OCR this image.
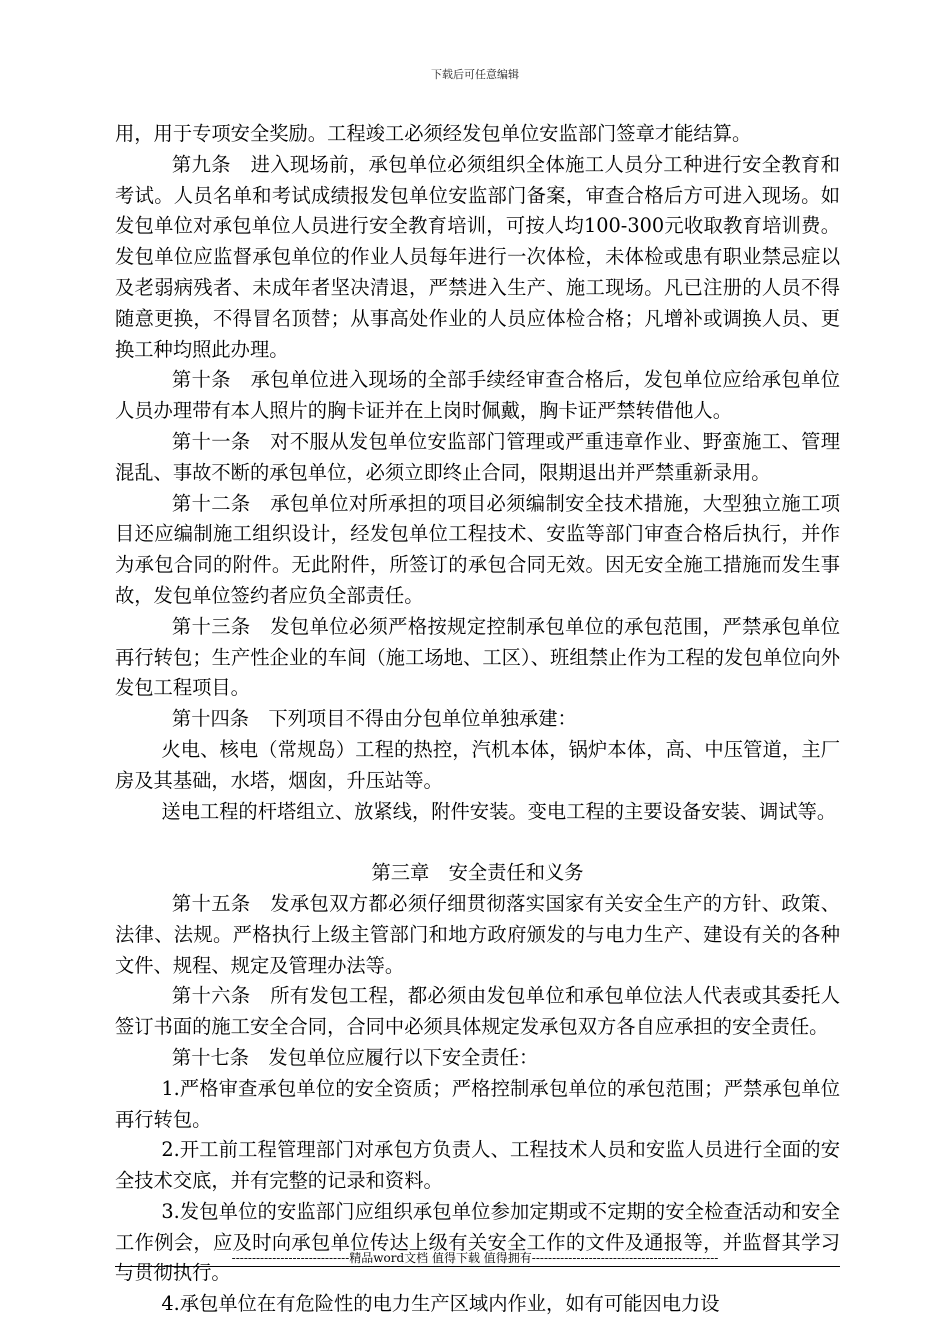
下载后可任意编辑

用，用于专项安全奖励。工程竣工必须经发包单位安监部门签章才能结算。

第九条　进入现场前，承包单位必须组织全体施工人员分工种进行安全教育和考试。人员名单和考试成绩报发包单位安监部门备案，审查合格后方可进入现场。如发包单位对承包单位人员进行安全教育培训，可按人均100-300元收取教育培训费。发包单位应监督承包单位的作业人员每年进行一次体检，未体检或患有职业禁忌症以及老弱病残者、未成年者坚决清退，严禁进入生产、施工现场。凡已注册的人员不得随意更换，不得冒名顶替；从事高处作业的人员应体检合格；凡增补或调换人员、更换工种均照此办理。

第十条　承包单位进入现场的全部手续经审查合格后，发包单位应给承包单位人员办理带有本人照片的胸卡证并在上岗时佩戴，胸卡证严禁转借他人。

第十一条　对不服从发包单位安监部门管理或严重违章作业、野蛮施工、管理混乱、事故不断的承包单位，必须立即终止合同，限期退出并严禁重新录用。

第十二条　承包单位对所承担的项目必须编制安全技术措施，大型独立施工项目还应编制施工组织设计，经发包单位工程技术、安监等部门审查合格后执行，并作为承包合同的附件。无此附件，所签订的承包合同无效。因无安全施工措施而发生事故，发包单位签约者应负全部责任。

第十三条　发包单位必须严格按规定控制承包单位的承包范围，严禁承包单位再行转包；生产性企业的车间（施工场地、工区）、班组禁止作为工程的发包单位向外发包工程项目。

第十四条　下列项目不得由分包单位单独承建：

火电、核电（常规岛）工程的热控，汽机本体，锅炉本体，高、中压管道，主厂房及其基础，水塔，烟囱，升压站等。

送电工程的杆塔组立、放紧线，附件安装。变电工程的主要设备安装、调试等。

第三章　安全责任和义务

第十五条　发承包双方都必须仔细贯彻落实国家有关安全生产的方针、政策、法律、法规。严格执行上级主管部门和地方政府颁发的与电力生产、建设有关的各种文件、规程、规定及管理办法等。

第十六条　所有发包工程，都必须由发包单位和承包单位法人代表或其委托人签订书面的施工安全合同，合同中必须具体规定发承包双方各自应承担的安全责任。

第十七条　发包单位应履行以下安全责任：

1.严格审查承包单位的安全资质；严格控制承包单位的承包范围；严禁承包单位再行转包。

2.开工前工程管理部门对承包方负责人、工程技术人员和安监人员进行全面的安全技术交底，并有完整的记录和资料。

3.发包单位的安监部门应组织承包单位参加定期或不定期的安全检查活动和安全工作例会，应及时向承包单位传达上级有关安全工作的文件及通报等，并监督其学习与贯彻执行。

4.承包单位在有危险性的电力生产区域内作业，如有可能因电力设

-----------------------------精品word文档 值得下载 值得拥有----------------------------------------------
